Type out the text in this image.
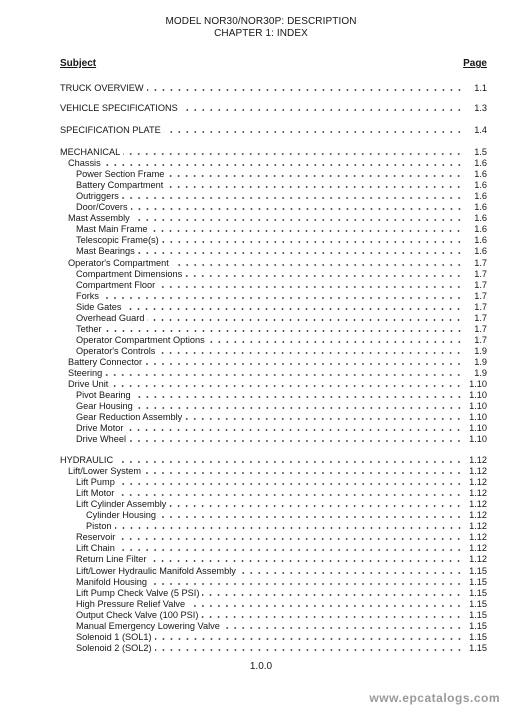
MODEL NOR30/NOR30P: DESCRIPTION
CHAPTER 1: INDEX
Subject	Page
TRUCK OVERVIEW	1.1
VEHICLE SPECIFICATIONS	1.3
SPECIFICATION PLATE	1.4
MECHANICAL	1.5
Chassis	1.6
Power Section Frame	1.6
Battery Compartment	1.6
Outriggers	1.6
Door/Covers	1.6
Mast Assembly	1.6
Mast Main Frame	1.6
Telescopic Frame(s)	1.6
Mast Bearings	1.6
Operator's Compartment	1.7
Compartment Dimensions	1.7
Compartment Floor	1.7
Forks	1.7
Side Gates	1.7
Overhead Guard	1.7
Tether	1.7
Operator Compartment Options	1.7
Operator's Controls	1.9
Battery Connector	1.9
Steering	1.9
Drive Unit	1.10
Pivot Bearing	1.10
Gear Housing	1.10
Gear Reduction Assembly	1.10
Drive Motor	1.10
Drive Wheel	1.10
HYDRAULIC	1.12
Lift/Lower System	1.12
Lift Pump	1.12
Lift Motor	1.12
Lift Cylinder Assembly	1.12
Cylinder Housing	1.12
Piston	1.12
Reservoir	1.12
Lift Chain	1.12
Return Line Filter	1.12
Lift/Lower Hydraulic Manifold Assembly	1.15
Manifold Housing	1.15
Lift Pump Check Valve (5 PSI)	1.15
High Pressure Relief Valve	1.15
Output Check Valve (100 PSI)	1.15
Manual Emergency Lowering Valve	1.15
Solenoid 1 (SOL1)	1.15
Solenoid 2 (SOL2)	1.15
1.0.0
www.epcatalogs.com
